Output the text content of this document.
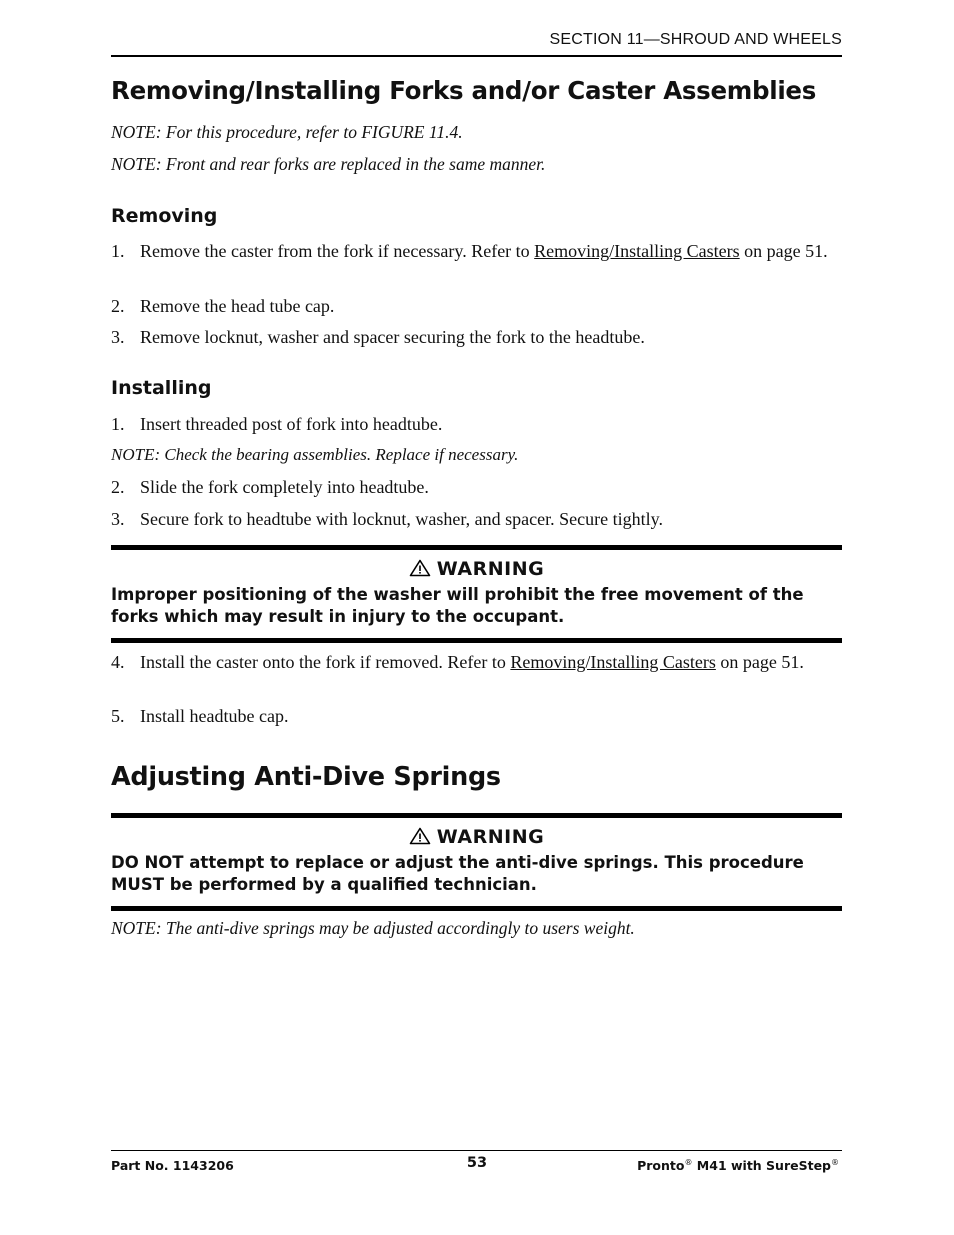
SECTION 11—SHROUD AND WHEELS
Removing/Installing Forks and/or Caster Assemblies
NOTE: For this procedure, refer to FIGURE 11.4.
NOTE: Front and rear forks are replaced in the same manner.
Removing
1. Remove the caster from the fork if necessary. Refer to Removing/Installing Casters on page 51.
2. Remove the head tube cap.
3. Remove locknut, washer and spacer securing the fork to the headtube.
Installing
1. Insert threaded post of fork into headtube.
NOTE: Check the bearing assemblies. Replace if necessary.
2. Slide the fork completely into headtube.
3. Secure fork to headtube with locknut, washer, and spacer. Secure tightly.
WARNING
Improper positioning of the washer will prohibit the free movement of the forks which may result in injury to the occupant.
4. Install the caster onto the fork if removed. Refer to Removing/Installing Casters on page 51.
5. Install headtube cap.
Adjusting Anti-Dive Springs
WARNING
DO NOT attempt to replace or adjust the anti-dive springs. This procedure MUST be performed by a qualified technician.
NOTE: The anti-dive springs may be adjusted accordingly to users weight.
Part No. 1143206	53	Pronto® M41 with SureStep®
